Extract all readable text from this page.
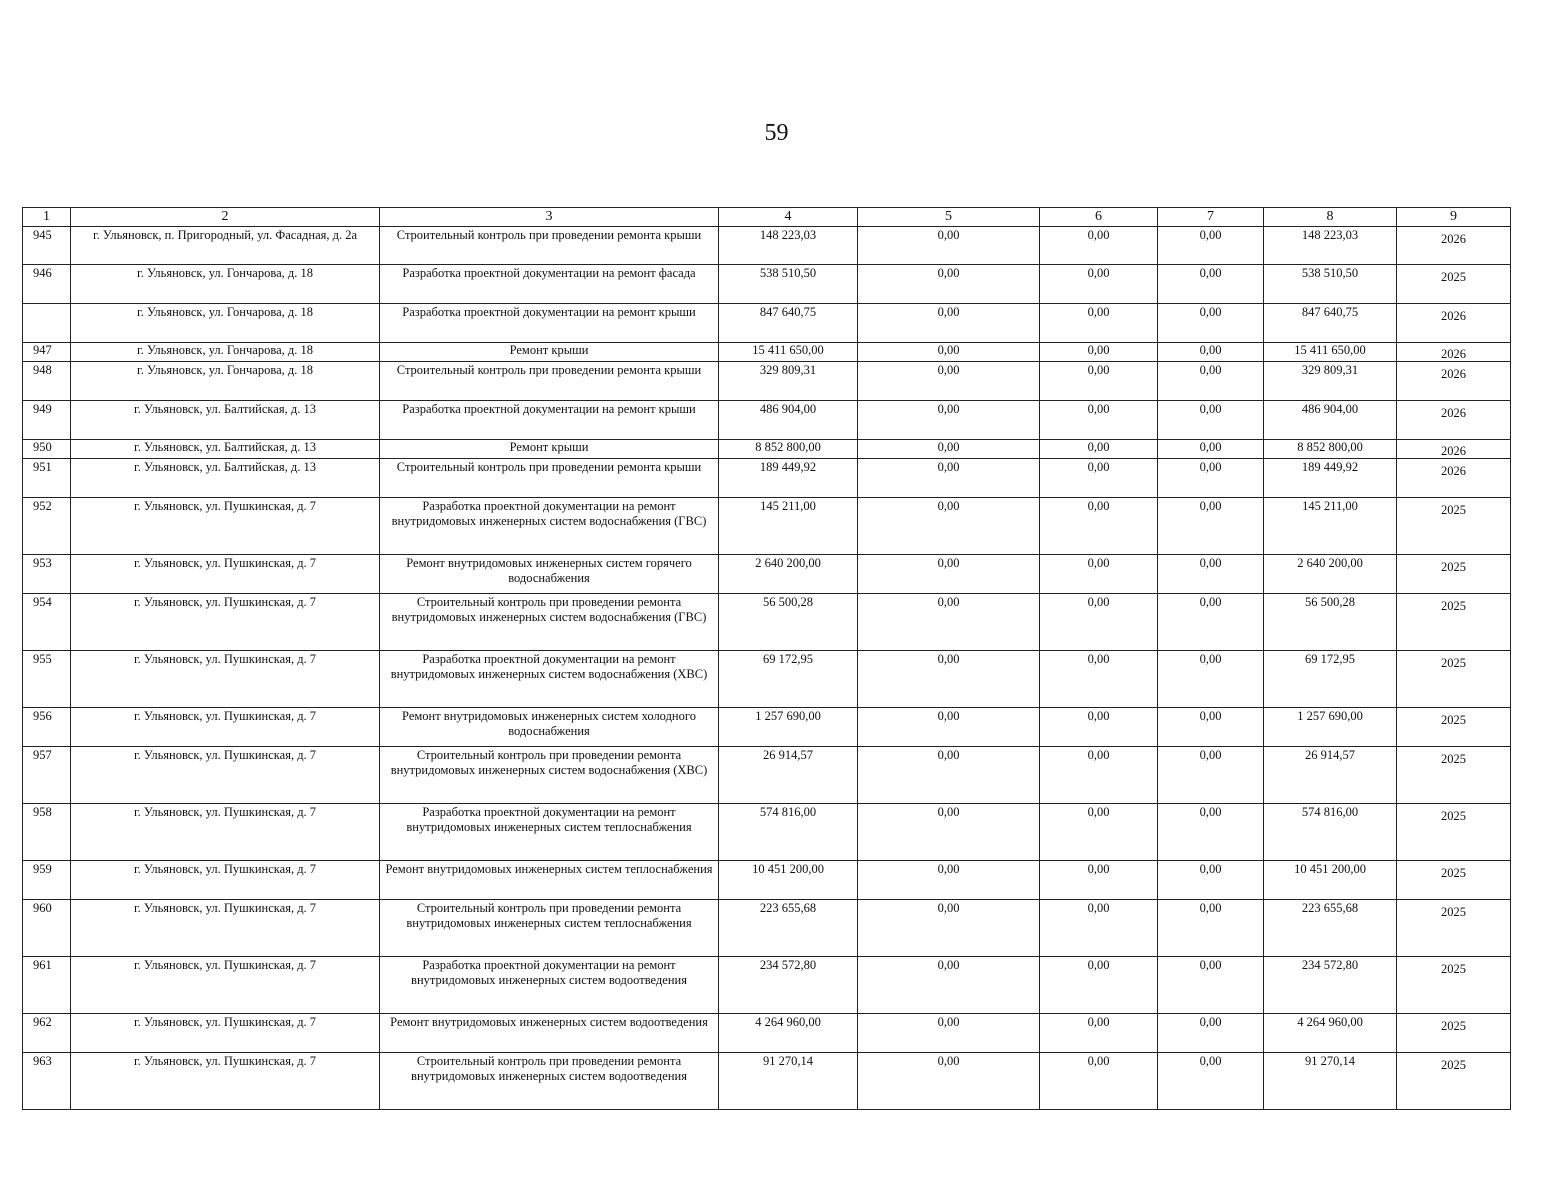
59
1	2	3	4	5	6	7	8	9
945	г. Ульяновск, п. Пригородный, ул. Фасадная, д. 2а	Строительный контроль при проведении ремонта крыши	148 223,03	0,00	0,00	0,00	148 223,03	2026
946	г. Ульяновск, ул. Гончарова, д. 18	Разработка проектной документации на ремонт фасада	538 510,50	0,00	0,00	0,00	538 510,50	2025
	г. Ульяновск, ул. Гончарова, д. 18	Разработка проектной документации на ремонт крыши	847 640,75	0,00	0,00	0,00	847 640,75	2026
947	г. Ульяновск, ул. Гончарова, д. 18	Ремонт крыши	15 411 650,00	0,00	0,00	0,00	15 411 650,00	2026
948	г. Ульяновск, ул. Гончарова, д. 18	Строительный контроль при проведении ремонта крыши	329 809,31	0,00	0,00	0,00	329 809,31	2026
949	г. Ульяновск, ул. Балтийская, д. 13	Разработка проектной документации на ремонт крыши	486 904,00	0,00	0,00	0,00	486 904,00	2026
950	г. Ульяновск, ул. Балтийская, д. 13	Ремонт крыши	8 852 800,00	0,00	0,00	0,00	8 852 800,00	2026
951	г. Ульяновск, ул. Балтийская, д. 13	Строительный контроль при проведении ремонта крыши	189 449,92	0,00	0,00	0,00	189 449,92	2026
952	г. Ульяновск, ул. Пушкинская, д. 7	Разработка проектной документации на ремонт внутридомовых инженерных систем водоснабжения (ГВС)	145 211,00	0,00	0,00	0,00	145 211,00	2025
953	г. Ульяновск, ул. Пушкинская, д. 7	Ремонт внутридомовых инженерных систем горячего водоснабжения	2 640 200,00	0,00	0,00	0,00	2 640 200,00	2025
954	г. Ульяновск, ул. Пушкинская, д. 7	Строительный контроль при проведении ремонта внутридомовых инженерных систем водоснабжения (ГВС)	56 500,28	0,00	0,00	0,00	56 500,28	2025
955	г. Ульяновск, ул. Пушкинская, д. 7	Разработка проектной документации на ремонт внутридомовых инженерных систем водоснабжения (ХВС)	69 172,95	0,00	0,00	0,00	69 172,95	2025
956	г. Ульяновск, ул. Пушкинская, д. 7	Ремонт внутридомовых инженерных систем холодного водоснабжения	1 257 690,00	0,00	0,00	0,00	1 257 690,00	2025
957	г. Ульяновск, ул. Пушкинская, д. 7	Строительный контроль при проведении ремонта внутридомовых инженерных систем водоснабжения (ХВС)	26 914,57	0,00	0,00	0,00	26 914,57	2025
958	г. Ульяновск, ул. Пушкинская, д. 7	Разработка проектной документации на ремонт внутридомовых инженерных систем теплоснабжения	574 816,00	0,00	0,00	0,00	574 816,00	2025
959	г. Ульяновск, ул. Пушкинская, д. 7	Ремонт внутридомовых инженерных систем теплоснабжения	10 451 200,00	0,00	0,00	0,00	10 451 200,00	2025
960	г. Ульяновск, ул. Пушкинская, д. 7	Строительный контроль при проведении ремонта внутридомовых инженерных систем теплоснабжения	223 655,68	0,00	0,00	0,00	223 655,68	2025
961	г. Ульяновск, ул. Пушкинская, д. 7	Разработка проектной документации на ремонт внутридомовых инженерных систем водоотведения	234 572,80	0,00	0,00	0,00	234 572,80	2025
962	г. Ульяновск, ул. Пушкинская, д. 7	Ремонт внутридомовых инженерных систем водоотведения	4 264 960,00	0,00	0,00	0,00	4 264 960,00	2025
963	г. Ульяновск, ул. Пушкинская, д. 7	Строительный контроль при проведении ремонта внутридомовых инженерных систем водоотведения	91 270,14	0,00	0,00	0,00	91 270,14	2025
